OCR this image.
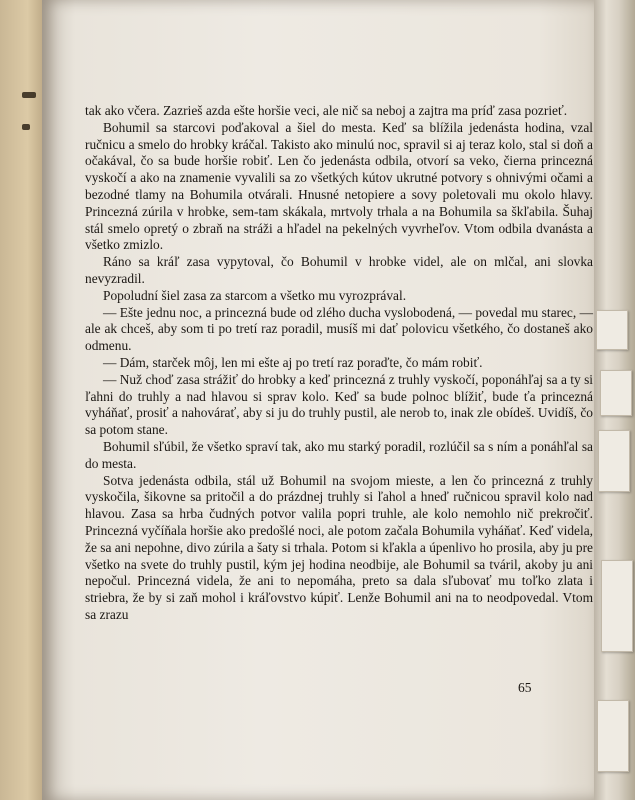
tak ako včera. Zazrieš azda ešte horšie veci, ale nič sa neboj a zajtra ma príď zasa pozrieť.

Bohumil sa starcovi poďakoval a šiel do mesta. Keď sa blížila jedenásta hodina, vzal ručnicu a smelo do hrobky kráčal. Takisto ako minulú noc, spravil si aj teraz kolo, stal si doň a očakával, čo sa bude horšie robiť. Len čo jedenásta odbila, otvorí sa veko, čierna princezná vyskočí a ako na znamenie vyvalili sa zo všetkých kútov ukrutné potvory s ohnivými očami a bezodné tlamy na Bohumila otvárali. Hnusné netopiere a sovy poletovali mu okolo hlavy. Princezná zúrila v hrobke, sem-tam skákala, mrtvoly trhala a na Bohumila sa škľabila. Šuhaj stál smelo opretý o zbraň na stráži a hľadel na pekelných vyvrheľov. Vtom odbila dvanásta a všetko zmizlo.

Ráno sa kráľ zasa vypytoval, čo Bohumil v hrobke videl, ale on mlčal, ani slovka nevyzradil.

Popoludní šiel zasa za starcom a všetko mu vyrozprával.

— Ešte jednu noc, a princezná bude od zlého ducha vyslobodená, — povedal mu starec, — ale ak chceš, aby som ti po tretí raz poradil, musíš mi dať polovicu všetkého, čo dostaneš ako odmenu.

— Dám, starček môj, len mi ešte aj po tretí raz poraďte, čo mám robiť.

— Nuž choď zasa strážiť do hrobky a keď princezná z truhly vyskočí, poponáhľaj sa a ty si ľahni do truhly a nad hlavou si sprav kolo. Keď sa bude polnoc blížiť, bude ťa princezná vyháňať, prosiť a nahovárať, aby si ju do truhly pustil, ale nerob to, inak zle obídeš. Uvidíš, čo sa potom stane.

Bohumil sľúbil, že všetko spraví tak, ako mu starký poradil, rozlúčil sa s ním a ponáhľal sa do mesta.

Sotva jedenásta odbila, stál už Bohumil na svojom mieste, a len čo princezná z truhly vyskočila, šikovne sa pritočil a do prázdnej truhly si ľahol a hneď ručnicou spravil kolo nad hlavou. Zasa sa hrba čudných potvor valila popri truhle, ale kolo nemohlo nič prekročiť. Princezná vyčíňala horšie ako predošlé noci, ale potom začala Bohumila vyháňať. Keď videla, že sa ani nepohne, divo zúrila a šaty si trhala. Potom si kľakla a úpenlivo ho prosila, aby ju pre všetko na svete do truhly pustil, kým jej hodina neodbije, ale Bohumil sa tváril, akoby ju ani nepočul. Princezná videla, že ani to nepomáha, preto sa dala sľubovať mu toľko zlata i striebra, že by si zaň mohol i kráľovstvo kúpiť. Lenže Bohumil ani na to neodpovedal. Vtom sa zrazu

65
